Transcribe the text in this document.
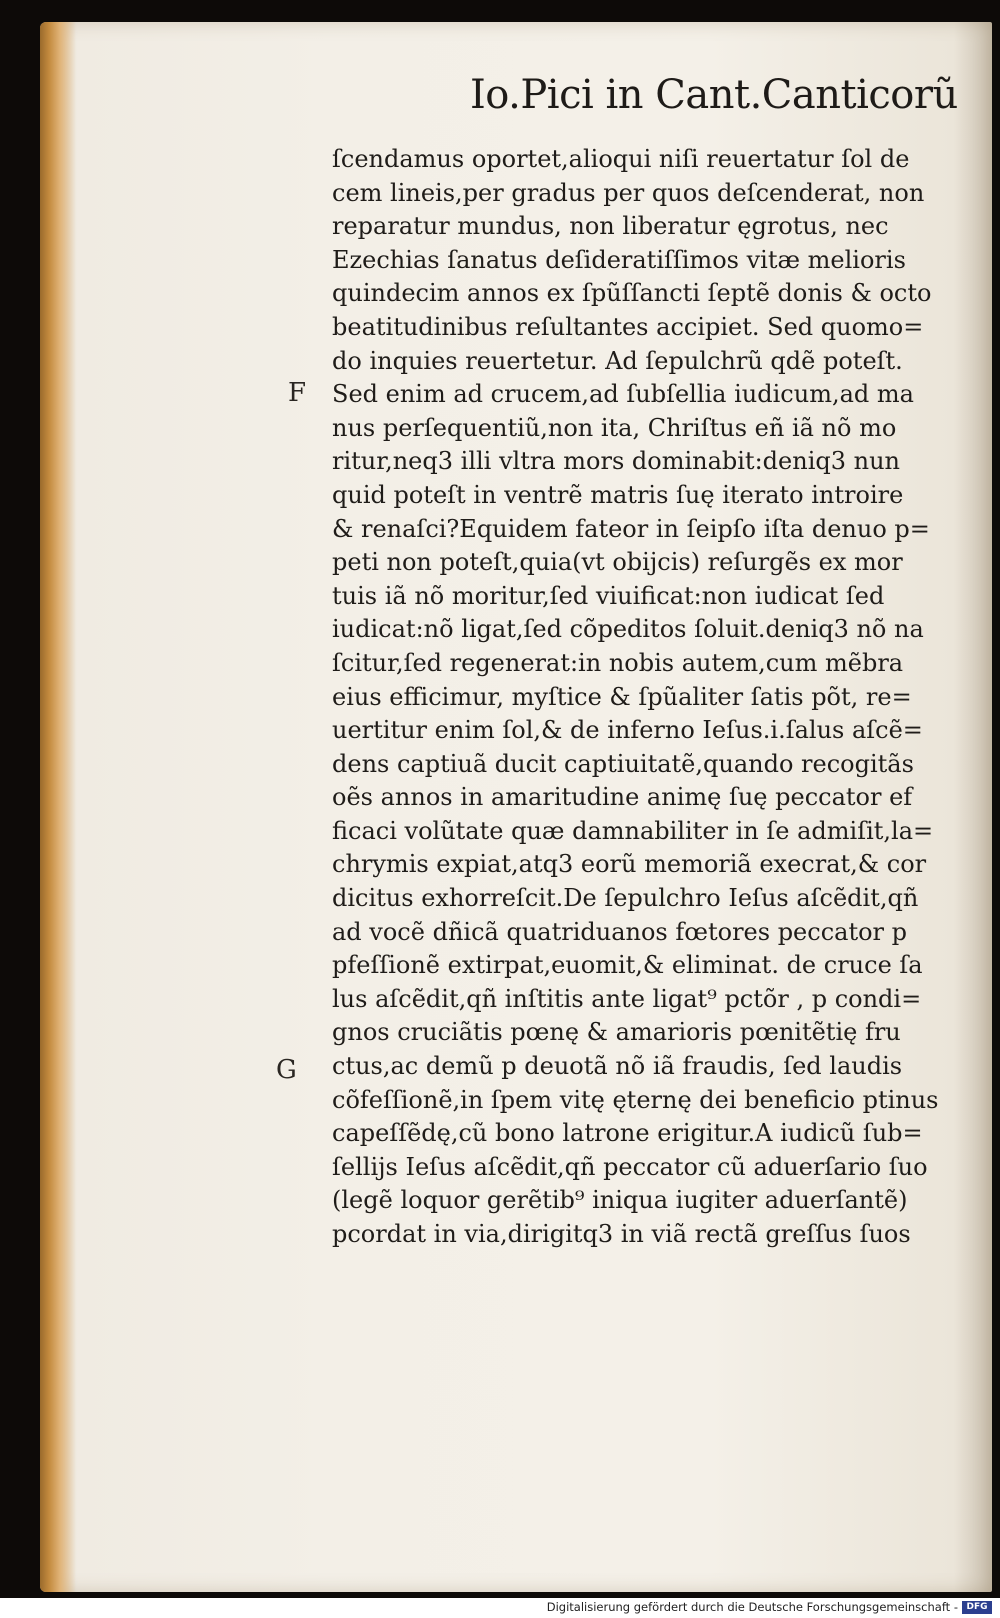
Io.Pici in Cant.Canticorũ
F
G
ſcendamus oportet,alioqui niſi reuertatur ſol de
cem lineis,per gradus per quos deſcenderat, non
reparatur mundus, non liberatur ęgrotus, nec
Ezechias ſanatus deſideratiſſimos vitæ melioris
quindecim annos ex ſpũſſancti ſeptẽ donis & octo
beatitudinibus reſultantes accipiet. Sed quomo=
do inquies reuertetur. Ad ſepulchrũ qdẽ poteſt.
Sed enim ad crucem,ad ſubſellia iudicum,ad ma
nus perſequentiũ,non ita, Chriſtus eñ iã nõ mo
ritur,neq3 illi vltra mors dominabit:deniq3 nun
quid poteſt in ventrẽ matris ſuę iterato introire
& renaſci?Equidem fateor in ſeipſo iſta denuo p=
peti non poteſt,quia(vt obijcis) reſurgẽs ex mor
tuis iã nõ moritur,ſed viuificat:non iudicat ſed
iudicat:nõ ligat,ſed cõpeditos ſoluit.deniq3 nõ na
ſcitur,ſed regenerat:in nobis autem,cum mẽbra
eius efficimur, myſtice & ſpũaliter ſatis põt, re=
uertitur enim ſol,& de inferno Ieſus.i.ſalus aſcẽ=
dens captiuã ducit captiuitatẽ,quando recogitãs
oẽs annos in amaritudine animę ſuę peccator ef
ficaci volũtate quæ damnabiliter in ſe admiſit,la=
chrymis expiat,atq3 eorũ memoriã execrat,& cor
dicitus exhorreſcit.De ſepulchro Ieſus aſcẽdit,qñ
ad vocẽ dñicã quatriduanos fœtores peccator p
pfeſſionẽ extirpat,euomit,& eliminat. de cruce ſa
lus aſcẽdit,qñ inſtitis ante ligat⁹ pctõr , p condi=
gnos cruciãtis pœnę & amarioris pœnitẽtię fru
ctus,ac demũ p deuotã nõ iã fraudis, ſed laudis
cõfeſſionẽ,in ſpem vitę ęternę dei beneficio ptinus
capeſſẽdę,cũ bono latrone erigitur.A iudicũ ſub=
ſellijs Ieſus aſcẽdit,qñ peccator cũ aduerſario ſuo
(legẽ loquor gerẽtib⁹ iniqua iugiter aduerſantẽ)
pcordat in via,dirigitq3 in viã rectã greſſus ſuos
Digitalisierung gefördert durch die Deutsche Forschungsgemeinschaft - DFG
